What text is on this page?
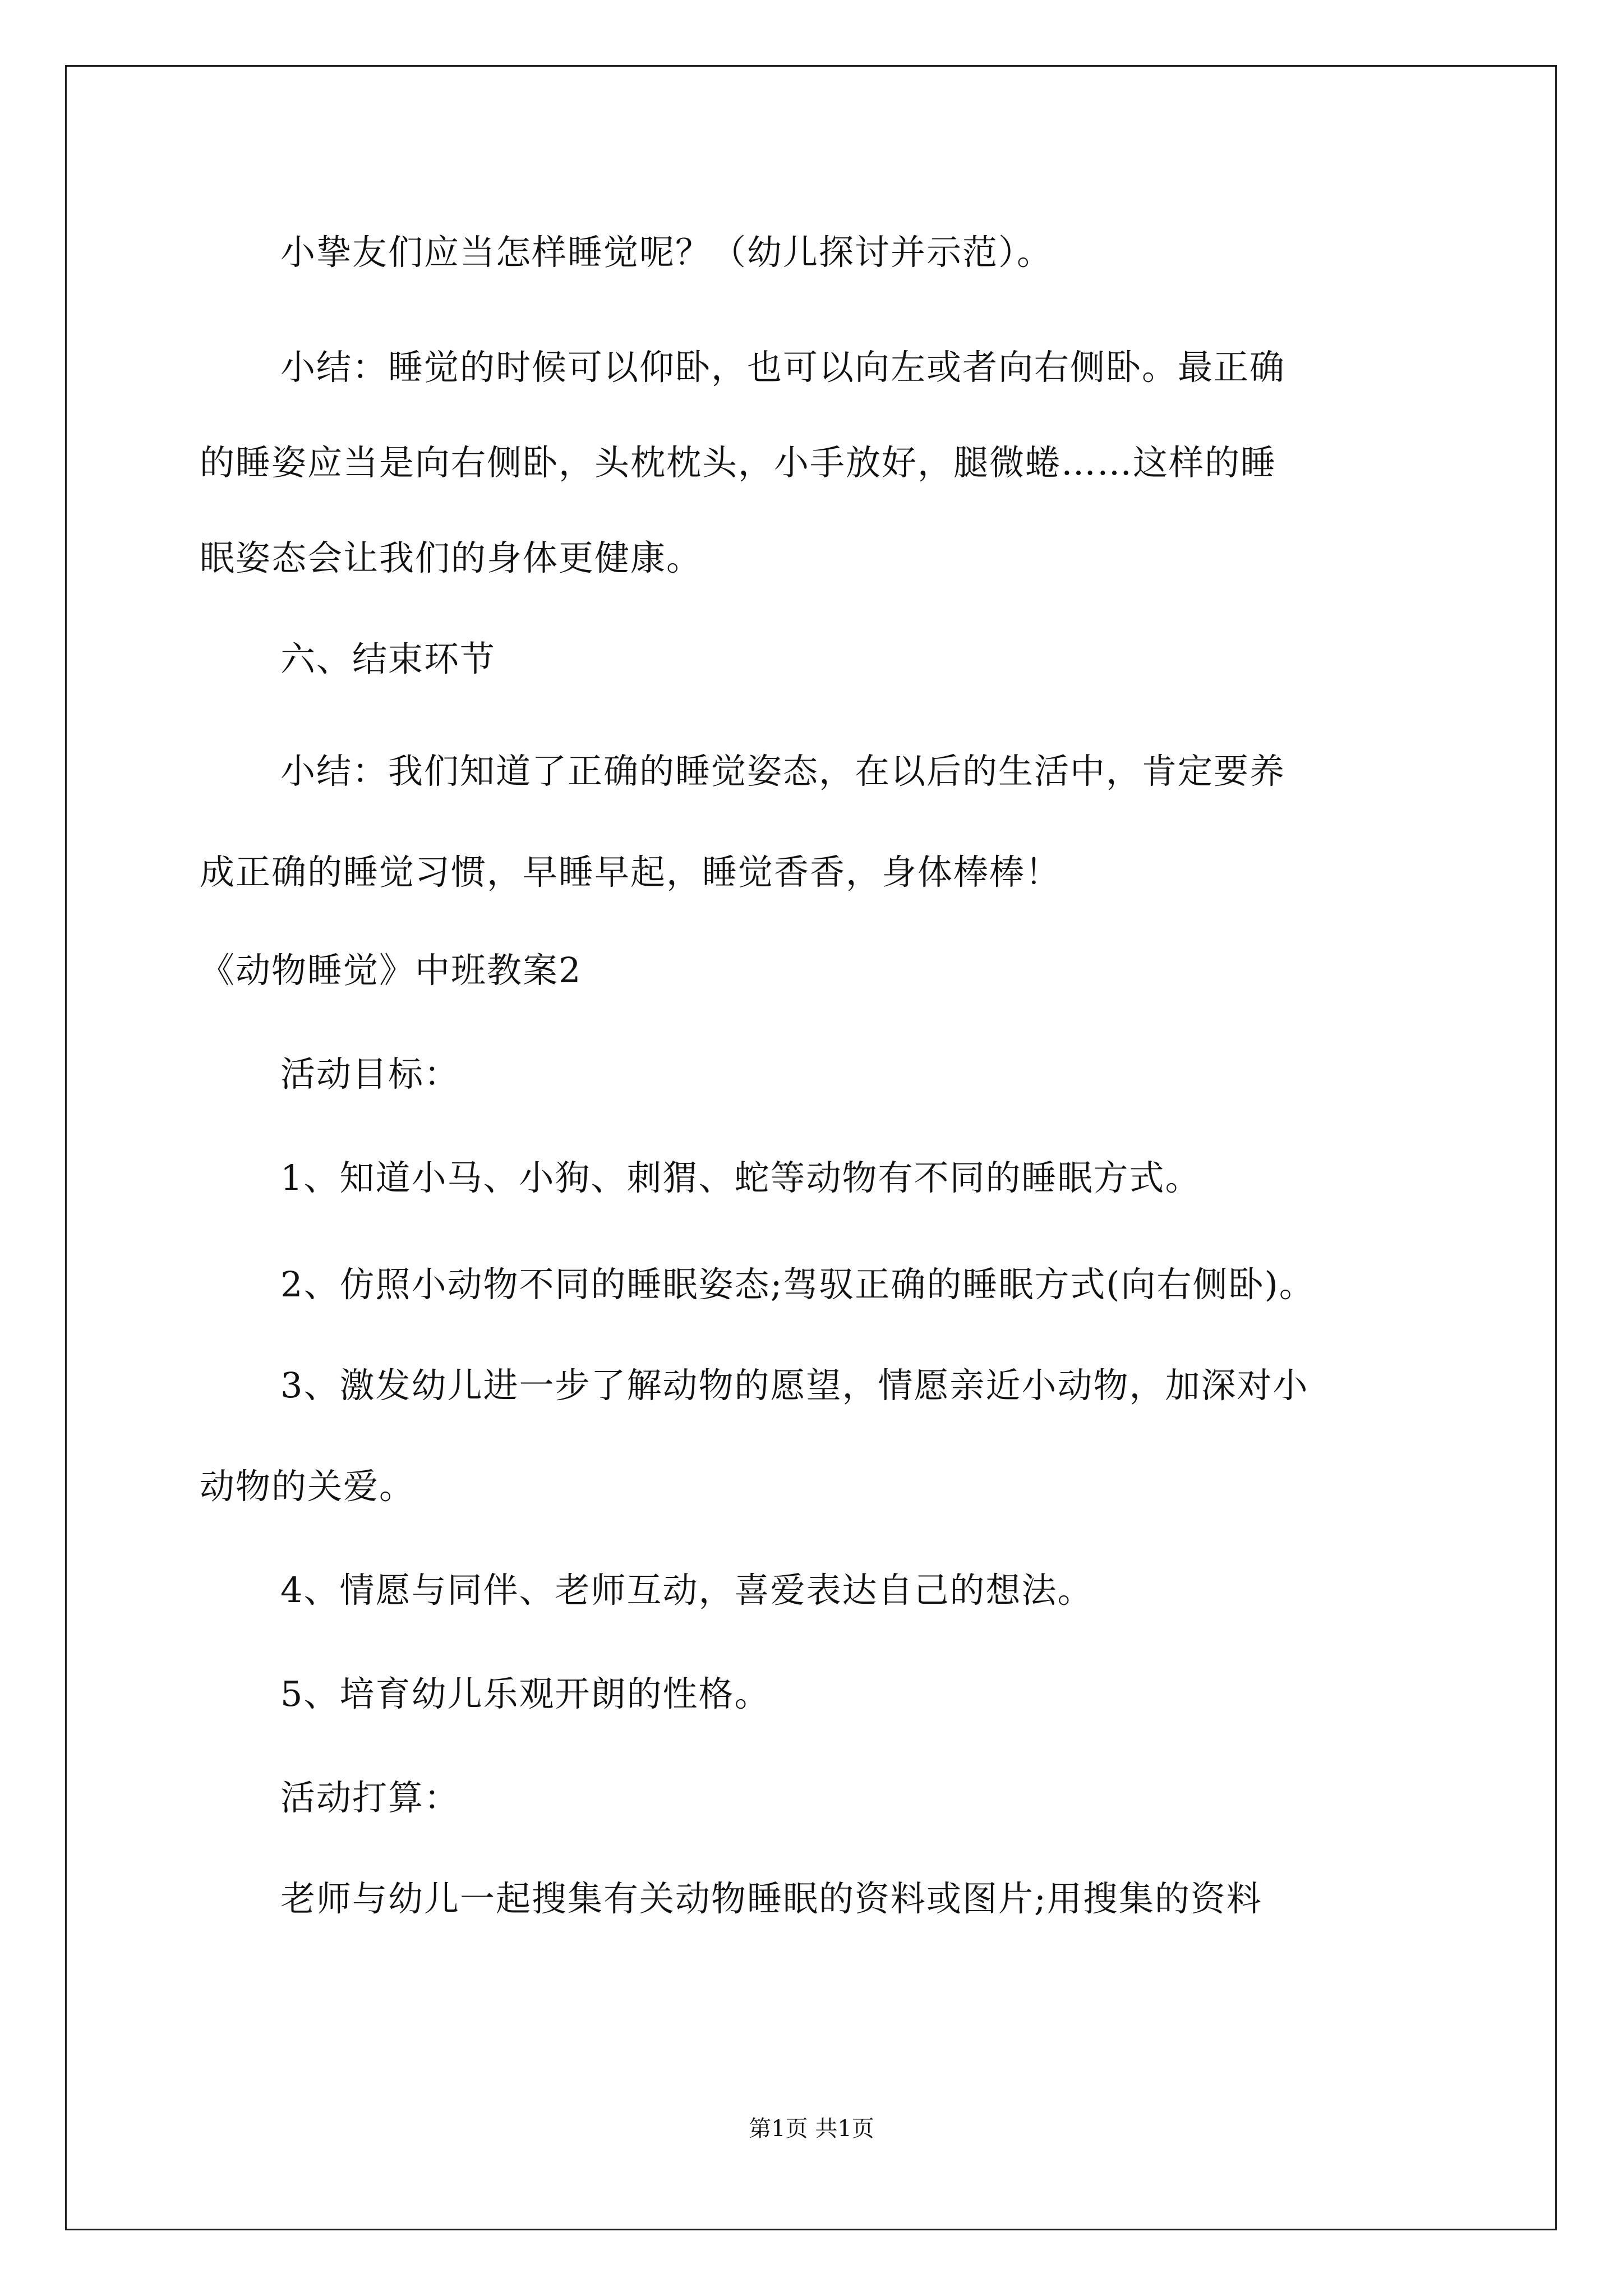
小挚友们应当怎样睡觉呢？（幼儿探讨并示范）。
小结：睡觉的时候可以仰卧，也可以向左或者向右侧卧。最正确
的睡姿应当是向右侧卧，头枕枕头，小手放好，腿微蜷……这样的睡
眠姿态会让我们的身体更健康。
六、结束环节
小结：我们知道了正确的睡觉姿态，在以后的生活中，肯定要养
成正确的睡觉习惯，早睡早起，睡觉香香，身体棒棒！
《动物睡觉》中班教案2
活动目标：
1、知道小马、小狗、刺猬、蛇等动物有不同的睡眠方式。
2、仿照小动物不同的睡眠姿态;驾驭正确的睡眠方式(向右侧卧)。
3、激发幼儿进一步了解动物的愿望，情愿亲近小动物，加深对小
动物的关爱。
4、情愿与同伴、老师互动，喜爱表达自己的想法。
5、培育幼儿乐观开朗的性格。
活动打算：
老师与幼儿一起搜集有关动物睡眠的资料或图片;用搜集的资料
第1页 共1页
